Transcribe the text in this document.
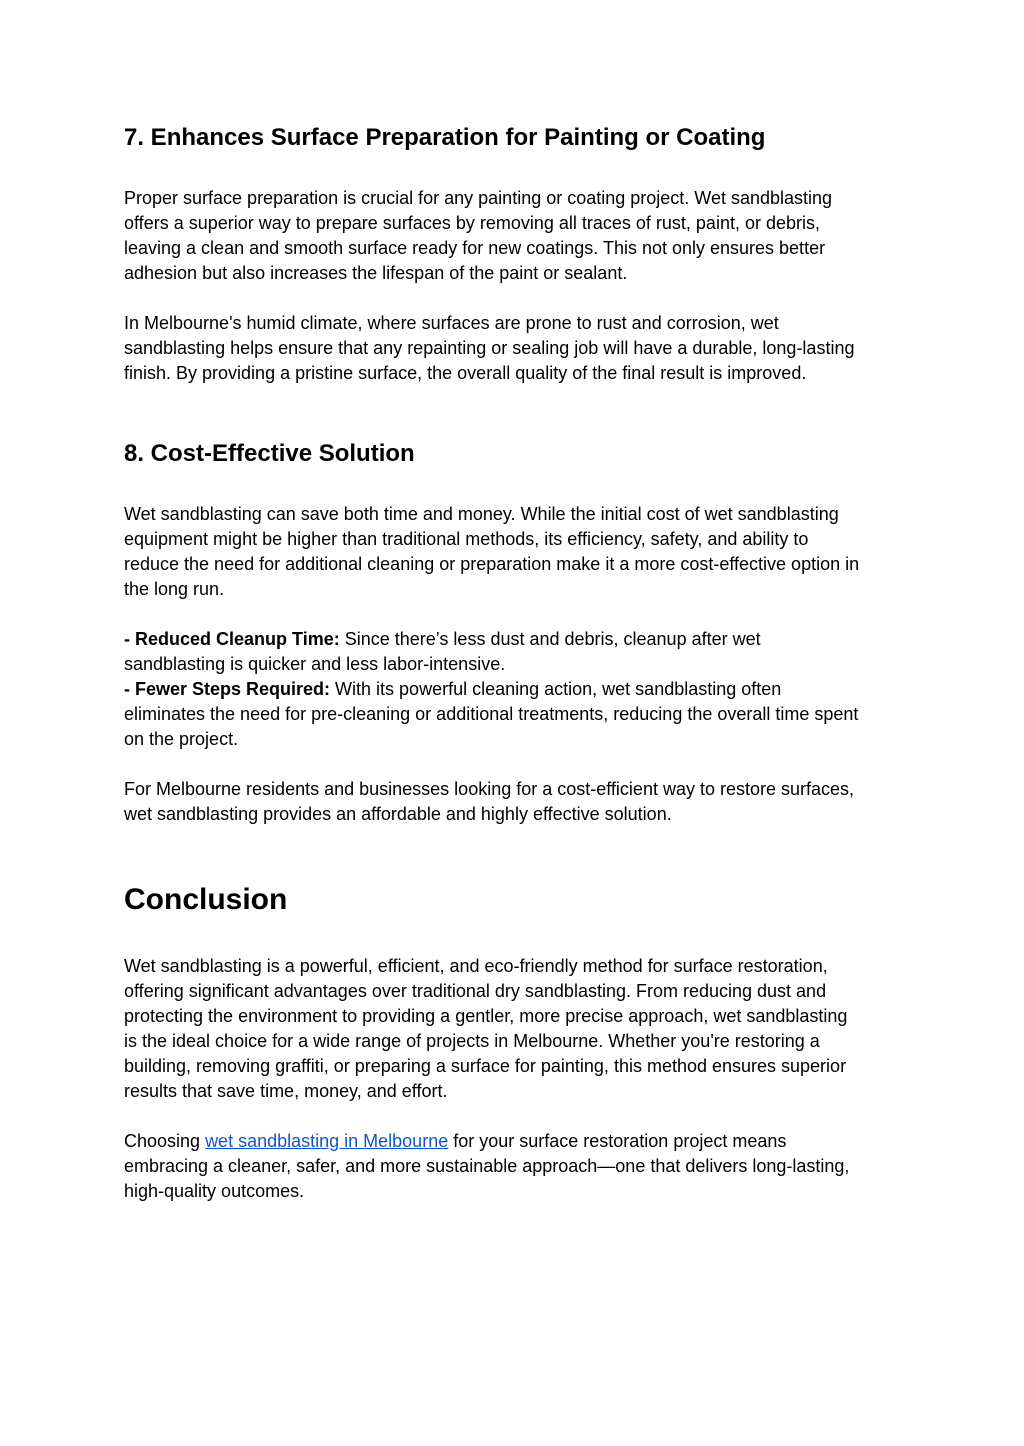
7. Enhances Surface Preparation for Painting or Coating

Proper surface preparation is crucial for any painting or coating project. Wet sandblasting
offers a superior way to prepare surfaces by removing all traces of rust, paint, or debris,
leaving a clean and smooth surface ready for new coatings. This not only ensures better
adhesion but also increases the lifespan of the paint or sealant.

In Melbourne's humid climate, where surfaces are prone to rust and corrosion, wet
sandblasting helps ensure that any repainting or sealing job will have a durable, long-lasting
finish. By providing a pristine surface, the overall quality of the final result is improved.

8. Cost-Effective Solution

Wet sandblasting can save both time and money. While the initial cost of wet sandblasting
equipment might be higher than traditional methods, its efficiency, safety, and ability to
reduce the need for additional cleaning or preparation make it a more cost-effective option in
the long run.

- Reduced Cleanup Time: Since there’s less dust and debris, cleanup after wet
sandblasting is quicker and less labor-intensive.
- Fewer Steps Required: With its powerful cleaning action, wet sandblasting often
eliminates the need for pre-cleaning or additional treatments, reducing the overall time spent
on the project.

For Melbourne residents and businesses looking for a cost-efficient way to restore surfaces,
wet sandblasting provides an affordable and highly effective solution.

Conclusion

Wet sandblasting is a powerful, efficient, and eco-friendly method for surface restoration,
offering significant advantages over traditional dry sandblasting. From reducing dust and
protecting the environment to providing a gentler, more precise approach, wet sandblasting
is the ideal choice for a wide range of projects in Melbourne. Whether you're restoring a
building, removing graffiti, or preparing a surface for painting, this method ensures superior
results that save time, money, and effort.

Choosing wet sandblasting in Melbourne for your surface restoration project means
embracing a cleaner, safer, and more sustainable approach—one that delivers long-lasting,
high-quality outcomes.
